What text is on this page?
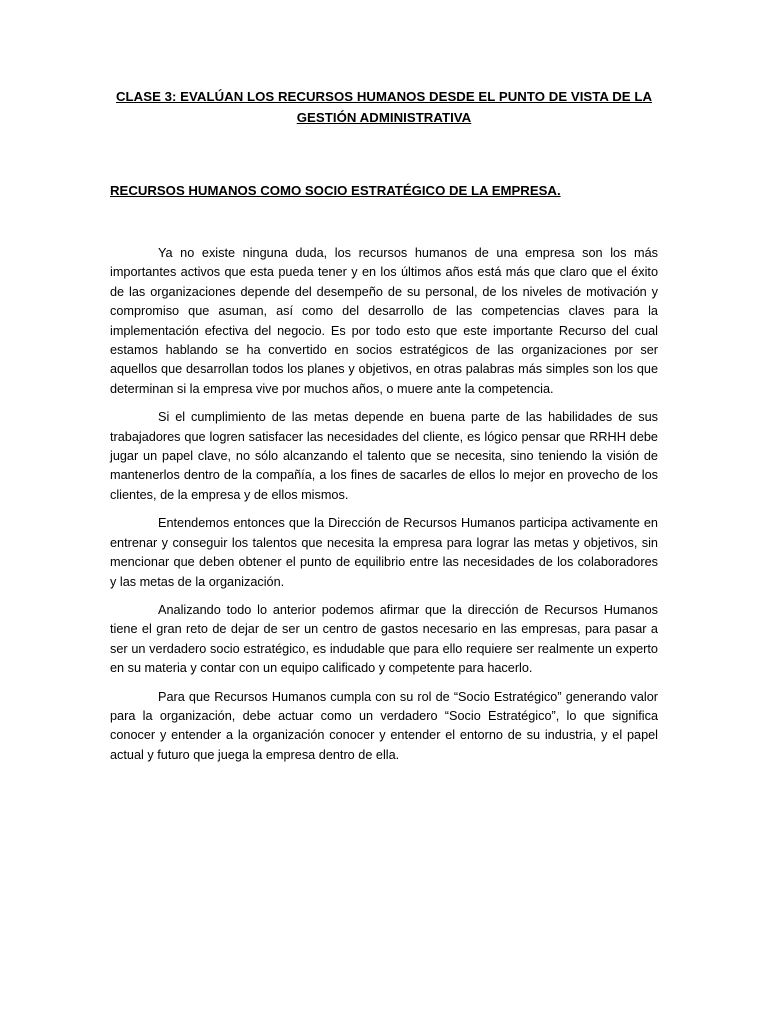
CLASE 3: EVALÚAN LOS RECURSOS HUMANOS DESDE EL PUNTO DE VISTA DE LA
GESTIÓN ADMINISTRATIVA
RECURSOS HUMANOS COMO SOCIO ESTRATÉGICO DE LA EMPRESA.

Ya no existe ninguna duda, los recursos humanos de una empresa son los más importantes activos que esta pueda tener y en los últimos años está más que claro que el éxito de las organizaciones depende del desempeño de su personal, de los niveles de motivación y compromiso que asuman, así como del desarrollo de las competencias claves para la implementación efectiva del negocio. Es por todo esto que este importante Recurso del cual estamos hablando se ha convertido en socios estratégicos de las organizaciones por ser aquellos que desarrollan todos los planes y objetivos, en otras palabras más simples son los que determinan si la empresa vive por muchos años, o muere ante la competencia.

Si el cumplimiento de las metas depende en buena parte de las habilidades de sus trabajadores que logren satisfacer las necesidades del cliente, es lógico pensar que RRHH debe jugar un papel clave, no sólo alcanzando el talento que se necesita, sino teniendo la visión de mantenerlos dentro de la compañía, a los fines de sacarles de ellos lo mejor en provecho de los clientes, de la empresa y de ellos mismos.

Entendemos entonces que la Dirección de Recursos Humanos participa activamente en entrenar y conseguir los talentos que necesita la empresa para lograr las metas y objetivos, sin mencionar que deben obtener el punto de equilibrio entre las necesidades de los colaboradores y las metas de la organización.

Analizando todo lo anterior podemos afirmar que la dirección de Recursos Humanos tiene el gran reto de dejar de ser un centro de gastos necesario en las empresas, para pasar a ser un verdadero socio estratégico, es indudable que para ello requiere ser realmente un experto en su materia y contar con un equipo calificado y competente para hacerlo.

Para que Recursos Humanos cumpla con su rol de “Socio Estratégico” generando valor para la organización, debe actuar como un verdadero “Socio Estratégico”, lo que significa conocer y entender a la organización conocer y entender el entorno de su industria, y el papel actual y futuro que juega la empresa dentro de ella.
